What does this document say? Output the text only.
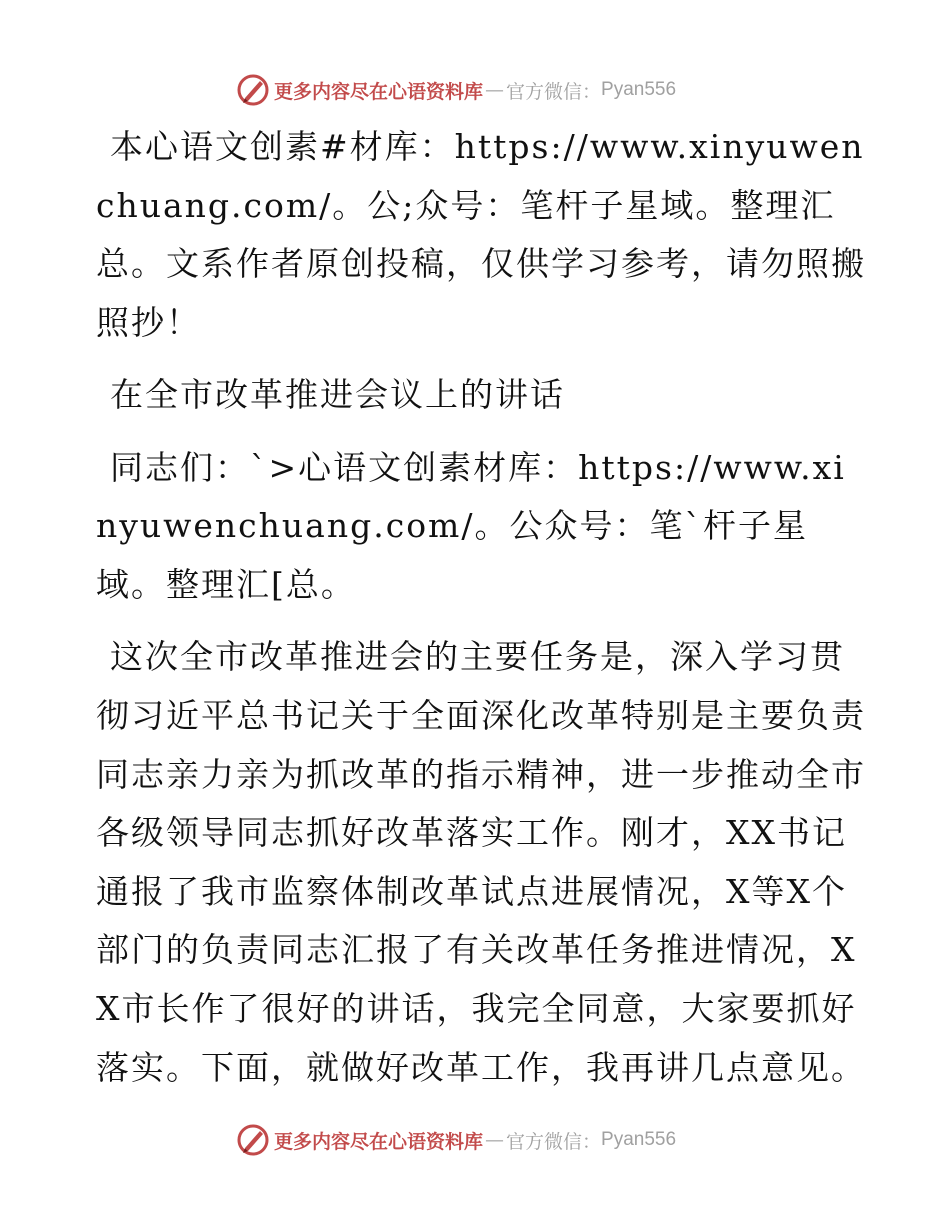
更多内容尽在心语资料库 — 官方微信： Pyan556

本心语文创素#材库：https://www.xinyuwenchuang.com/。公;众号：笔杆子星域。整理汇总。文系作者原创投稿，仅供学习参考，请勿照搬照抄！

在全市改革推进会议上的讲话

同志们：`>心语文创素材库：https://www.xinyuwenchuang.com/。公众号：笔`杆子星域。整理汇[总。

这次全市改革推进会的主要任务是，深入学习贯彻习近平总书记关于全面深化改革特别是主要负责同志亲力亲为抓改革的指示精神，进一步推动全市各级领导同志抓好改革落实工作。刚才，XX书记通报了我市监察体制改革试点进展情况，X等X个部门的负责同志汇报了有关改革任务推进情况，XX市长作了很好的讲话，我完全同意，大家要抓好落实。下面，就做好改革工作，我再讲几点意见。

更多内容尽在心语资料库 — 官方微信： Pyan556
